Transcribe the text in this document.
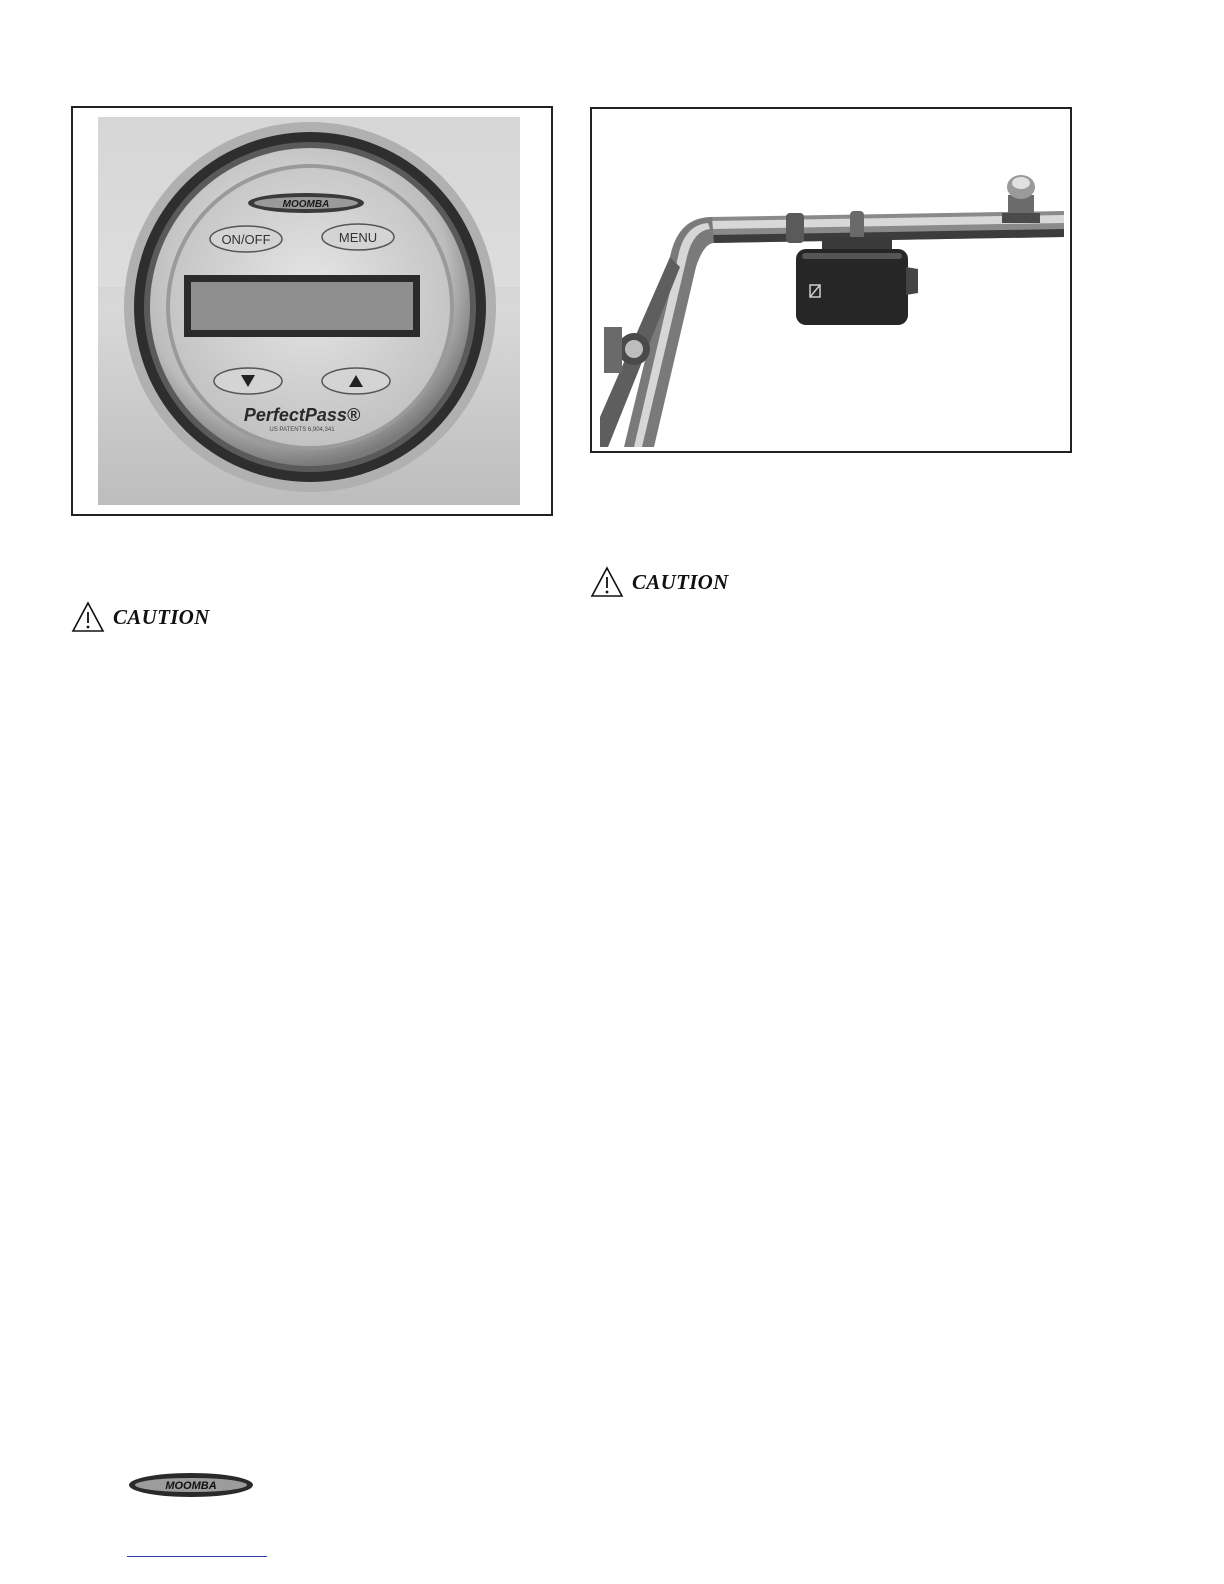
MOOMBA
ON/OFF	MENU
PerfectPass®
US PATENTS 6,904,341
CAUTION
CAUTION
MOOMBA
